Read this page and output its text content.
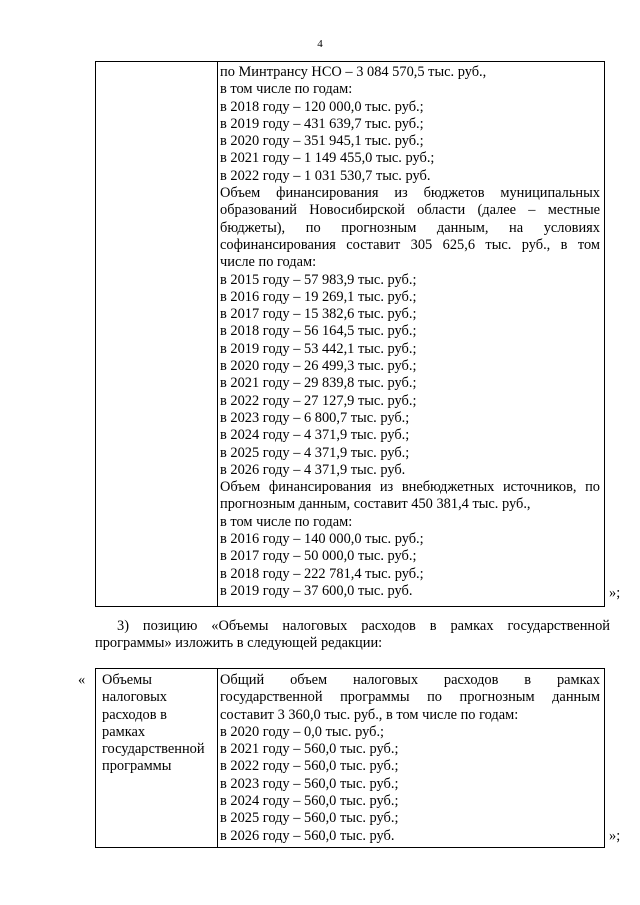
4
по Минтрансу НСО – 3 084 570,5 тыс. руб.,
в том числе по годам:
в 2018 году – 120 000,0 тыс. руб.;
в 2019 году – 431 639,7 тыс. руб.;
в 2020 году – 351 945,1 тыс. руб.;
в 2021 году – 1 149 455,0 тыс. руб.;
в 2022 году – 1 031 530,7 тыс. руб.
Объем финансирования из бюджетов муниципальных
образований Новосибирской области (далее – местные
бюджеты), по прогнозным данным, на условиях
софинансирования составит 305 625,6 тыс. руб., в том
числе по годам:
в 2015 году – 57 983,9 тыс. руб.;
в 2016 году – 19 269,1 тыс. руб.;
в 2017 году – 15 382,6 тыс. руб.;
в 2018 году – 56 164,5 тыс. руб.;
в 2019 году – 53 442,1 тыс. руб.;
в 2020 году – 26 499,3 тыс. руб.;
в 2021 году – 29 839,8 тыс. руб.;
в 2022 году – 27 127,9 тыс. руб.;
в 2023 году – 6 800,7 тыс. руб.;
в 2024 году – 4 371,9 тыс. руб.;
в 2025 году – 4 371,9 тыс. руб.;
в 2026 году – 4 371,9 тыс. руб.
Объем финансирования из внебюджетных источников, по
прогнозным данным, составит 450 381,4 тыс. руб.,
в том числе по годам:
в 2016 году – 140 000,0 тыс. руб.;
в 2017 году – 50 000,0 тыс. руб.;
в 2018 году – 222 781,4 тыс. руб.;
в 2019 году – 37 600,0 тыс. руб.	»;
3) позицию «Объемы налоговых расходов в рамках государственной
программы» изложить в следующей редакции:
« Объемы
налоговых
расходов в
рамках
государственной
программы
Общий объем налоговых расходов в рамках
государственной программы по прогнозным данным
составит 3 360,0 тыс. руб., в том числе по годам:
в 2020 году – 0,0 тыс. руб.;
в 2021 году – 560,0 тыс. руб.;
в 2022 году – 560,0 тыс. руб.;
в 2023 году – 560,0 тыс. руб.;
в 2024 году – 560,0 тыс. руб.;
в 2025 году – 560,0 тыс. руб.;
в 2026 году – 560,0 тыс. руб.	»;
